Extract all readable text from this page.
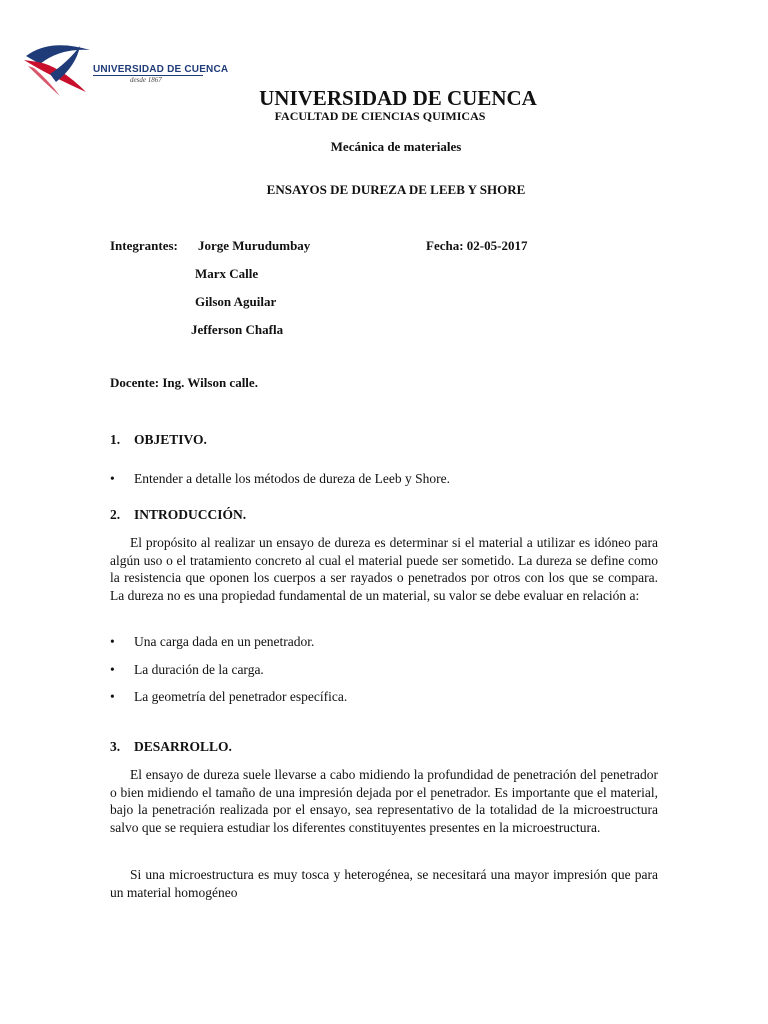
UNIVERSIDAD DE CUENCA
desde 1867
UNIVERSIDAD DE CUENCA
FACULTAD DE CIENCIAS QUIMICAS
Mecánica de materiales
ENSAYOS DE DUREZA DE LEEB Y SHORE
Integrantes: Jorge Murudumbay
Marx Calle
Gilson Aguilar
Jefferson Chafla
Fecha: 02-05-2017
Docente: Ing. Wilson calle.
1. OBJETIVO.
• Entender a detalle los métodos de dureza de Leeb y Shore.
2. INTRODUCCIÓN.

El propósito al realizar un ensayo de dureza es determinar si el material a utilizar es idóneo para algún uso o el tratamiento concreto al cual el material puede ser sometido. La dureza se define como la resistencia que oponen los cuerpos a ser rayados o penetrados por otros con los que se compara. La dureza no es una propiedad fundamental de un material, su valor se debe evaluar en relación a:

• Una carga dada en un penetrador.
• La duración de la carga.
• La geometría del penetrador específica.
3. DESARROLLO.

El ensayo de dureza suele llevarse a cabo midiendo la profundidad de penetración del penetrador o bien midiendo el tamaño de una impresión dejada por el penetrador. Es importante que el material, bajo la penetración realizada por el ensayo, sea representativo de la totalidad de la microestructura salvo que se requiera estudiar los diferentes constituyentes presentes en la microestructura.

Si una microestructura es muy tosca y heterogénea, se necesitará una mayor impresión que para un material homogéneo
